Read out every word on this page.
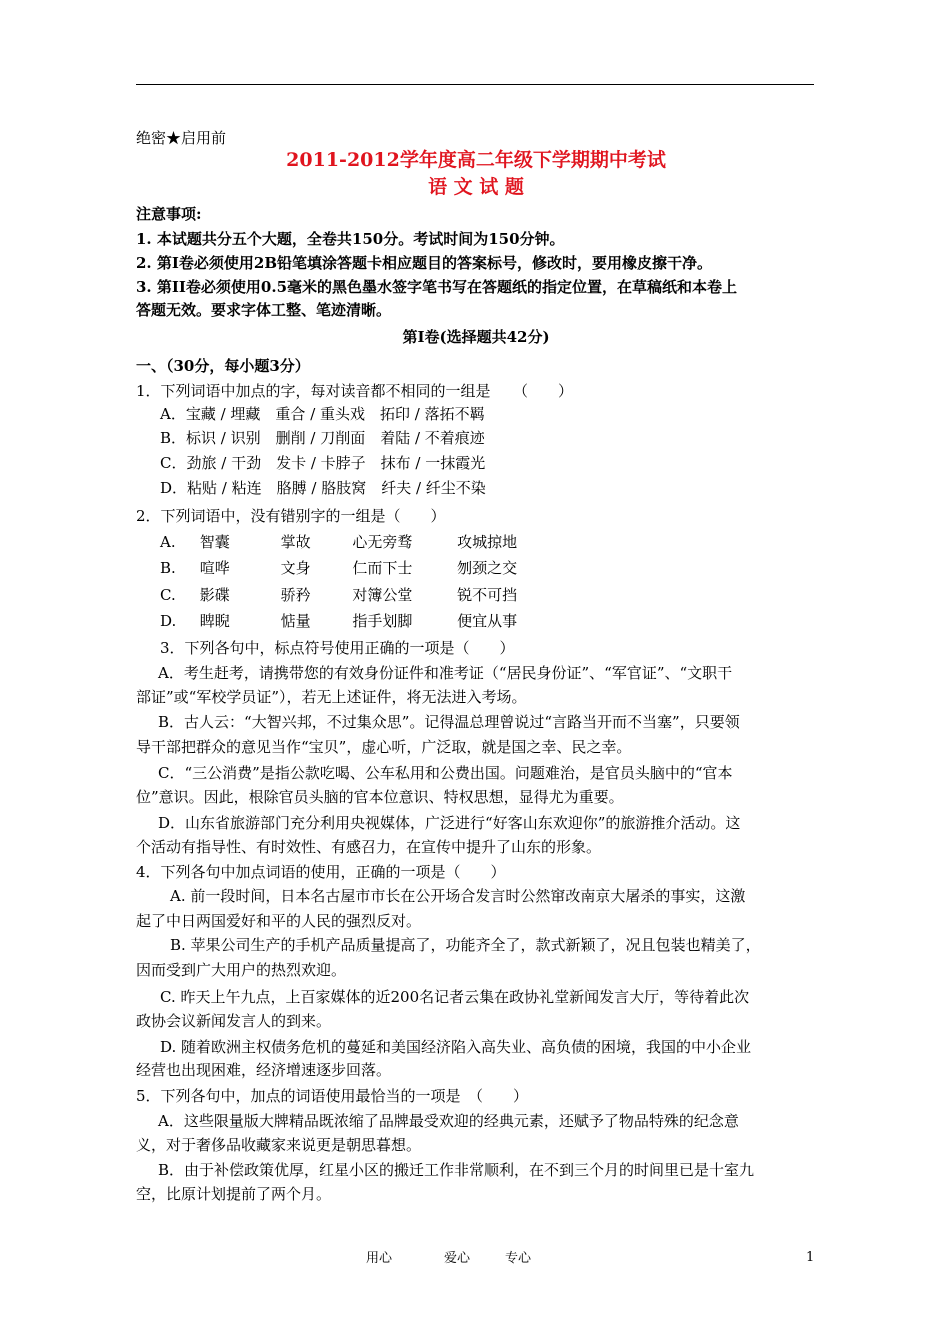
绝密★启用前
2011-2012学年度高二年级下学期期中考试
语 文 试 题
注意事项:
1. 本试题共分五个大题，全卷共150分。考试时间为150分钟。
2. 第Ⅰ卷必须使用2B铅笔填涂答题卡相应题目的答案标号，修改时，要用橡皮擦干净。
3. 第II卷必须使用0.5毫米的黑色墨水签字笔书写在答题纸的指定位置，在草稿纸和本卷上
答题无效。要求字体工整、笔迹清晰。
第Ⅰ卷(选择题共42分)
一、（30分，每小题3分）
1．下列词语中加点的字，每对读音都不相同的一组是　　（　　）
A．宝藏 / 埋藏　重合 / 重头戏　拓印 / 落拓不羁
B．标识 / 识别　删削 / 刀削面　着陆 / 不着痕迹
C．劲旅 / 干劲　发卡 / 卡脖子　抹布 / 一抹霞光
D．粘贴 / 粘连　胳膊 / 胳肢窝　纤夫 / 纤尘不染
2．下列词语中，没有错别字的一组是（　　）
A. 智囊	掌故	心无旁骛	攻城掠地
B. 喧哗	文身	仁而下士	刎颈之交
C. 影碟	骄矜	对簿公堂	锐不可挡
D. 睥睨	惦量	指手划脚	便宜从事
3．下列各句中，标点符号使用正确的一项是（　　）
A．考生赶考，请携带您的有效身份证件和准考证（“居民身份证”、“军官证”、“文职干
部证”或“军校学员证”），若无上述证件，将无法进入考场。
B．古人云：“大智兴邦，不过集众思”。记得温总理曾说过“言路当开而不当塞”，只要领
导干部把群众的意见当作“宝贝”，虚心听，广泛取，就是国之幸、民之幸。
C．“三公消费”是指公款吃喝、公车私用和公费出国。问题难治，是官员头脑中的“官本
位”意识。因此，根除官员头脑的官本位意识、特权思想，显得尤为重要。
D．山东省旅游部门充分利用央视媒体，广泛进行“好客山东欢迎你”的旅游推介活动。这
个活动有指导性、有时效性、有感召力，在宣传中提升了山东的形象。
4．下列各句中加点词语的使用，正确的一项是（　　）
A. 前一段时间，日本名古屋市市长在公开场合发言时公然窜改南京大屠杀的事实，这激
起了中日两国爱好和平的人民的强烈反对。
B. 苹果公司生产的手机产品质量提高了，功能齐全了，款式新颖了，况且包装也精美了，
因而受到广大用户的热烈欢迎。
C. 昨天上午九点，上百家媒体的近200名记者云集在政协礼堂新闻发言大厅，等待着此次
政协会议新闻发言人的到来。
D. 随着欧洲主权债务危机的蔓延和美国经济陷入高失业、高负债的困境，我国的中小企业
经营也出现困难，经济增速逐步回落。
5．下列各句中，加点的词语使用最恰当的一项是　（　　）
A．这些限量版大牌精品既浓缩了品牌最受欢迎的经典元素，还赋予了物品特殊的纪念意
义，对于奢侈品收藏家来说更是朝思暮想。
B．由于补偿政策优厚，红星小区的搬迁工作非常顺利，在不到三个月的时间里已是十室九
空，比原计划提前了两个月。
用心	爱心	专心	1
